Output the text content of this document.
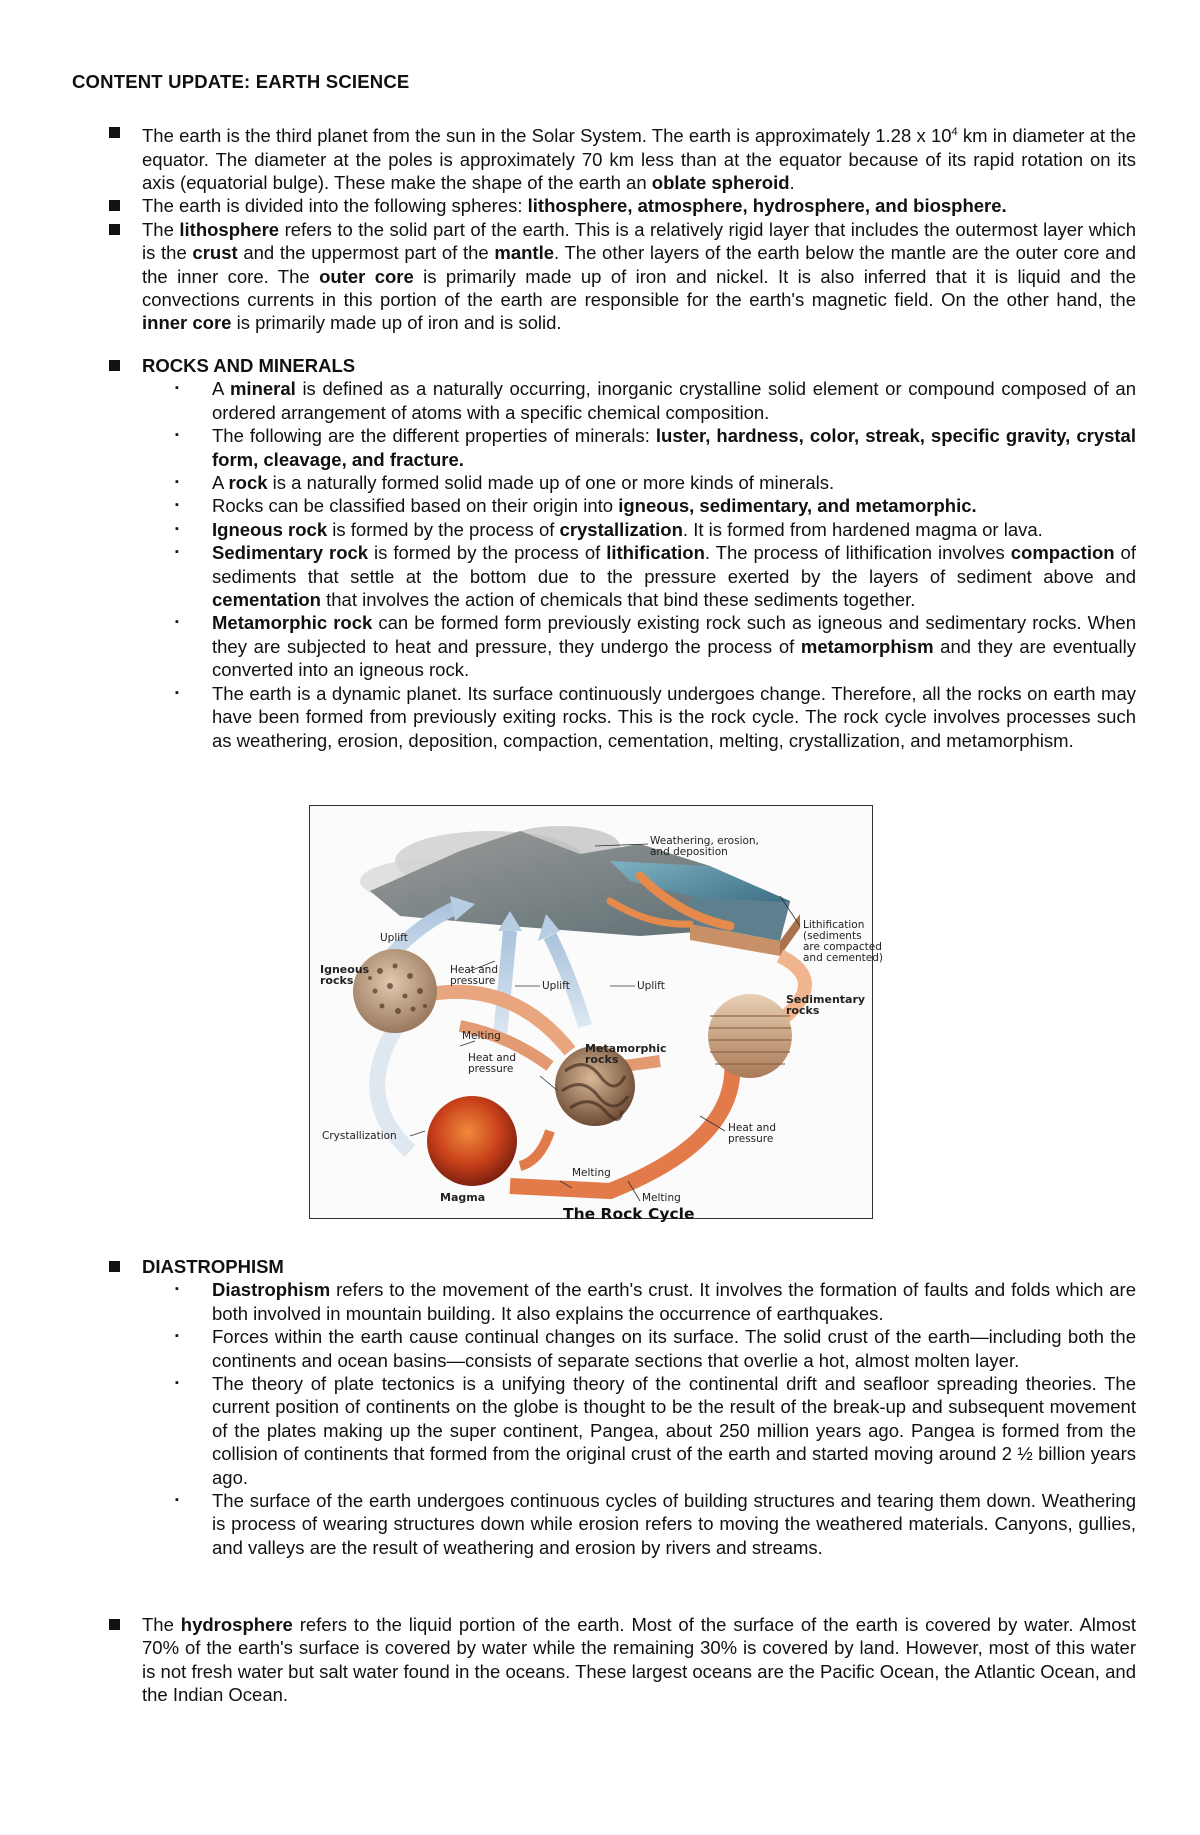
CONTENT UPDATE: EARTH SCIENCE
The earth is the third planet from the sun in the Solar System. The earth is approximately 1.28 x $10^4$ km in diameter at the equator. The diameter at the poles is approximately 70 km less than at the equator because of its rapid rotation on its axis (equatorial bulge). These make the shape of the earth an oblate spheroid.
The earth is divided into the following spheres: lithosphere, atmosphere, hydrosphere, and biosphere.
The lithosphere refers to the solid part of the earth. This is a relatively rigid layer that includes the outermost layer which is the crust and the uppermost part of the mantle. The other layers of the earth below the mantle are the outer core and the inner core. The outer core is primarily made up of iron and nickel. It is also inferred that it is liquid and the convections currents in this portion of the earth are responsible for the earth's magnetic field. On the other hand, the inner core is primarily made up of iron and is solid.
ROCKS AND MINERALS
▪ A mineral is defined as a naturally occurring, inorganic crystalline solid element or compound composed of an ordered arrangement of atoms with a specific chemical composition.
▪ The following are the different properties of minerals: luster, hardness, color, streak, specific gravity, crystal form, cleavage, and fracture.
▪ A rock is a naturally formed solid made up of one or more kinds of minerals.
▪ Rocks can be classified based on their origin into igneous, sedimentary, and metamorphic.
▪ Igneous rock is formed by the process of crystallization. It is formed from hardened magma or lava.
▪ Sedimentary rock is formed by the process of lithification. The process of lithification involves compaction of sediments that settle at the bottom due to the pressure exerted by the layers of sediment above and cementation that involves the action of chemicals that bind these sediments together.
▪ Metamorphic rock can be formed form previously existing rock such as igneous and sedimentary rocks. When they are subjected to heat and pressure, they undergo the process of metamorphism and they are eventually converted into an igneous rock.
▪ The earth is a dynamic planet. Its surface continuously undergoes change. Therefore, all the rocks on earth may have been formed from previously exiting rocks. This is the rock cycle. The rock cycle involves processes such as weathering, erosion, deposition, compaction, cementation, melting, crystallization, and metamorphism.
Weathering, erosion, and deposition
Lithification (sediments are compacted and cemented)
Sedimentary rocks
Uplift
Igneous rocks
Heat and pressure	Uplift	Uplift
Melting
Heat and pressure
Metamorphic rocks
Heat and pressure
Crystallization
Melting
Magma	Melting
The Rock Cycle
DIASTROPHISM
▪ Diastrophism refers to the movement of the earth's crust. It involves the formation of faults and folds which are both involved in mountain building. It also explains the occurrence of earthquakes.
▪ Forces within the earth cause continual changes on its surface. The solid crust of the earth—including both the continents and ocean basins—consists of separate sections that overlie a hot, almost molten layer.
▪ The theory of plate tectonics is a unifying theory of the continental drift and seafloor spreading theories. The current position of continents on the globe is thought to be the result of the break-up and subsequent movement of the plates making up the super continent, Pangea, about 250 million years ago. Pangea is formed from the collision of continents that formed from the original crust of the earth and started moving around 2 ½ billion years ago.
▪ The surface of the earth undergoes continuous cycles of building structures and tearing them down. Weathering is process of wearing structures down while erosion refers to moving the weathered materials. Canyons, gullies, and valleys are the result of weathering and erosion by rivers and streams.
The hydrosphere refers to the liquid portion of the earth. Most of the surface of the earth is covered by water. Almost 70% of the earth's surface is covered by water while the remaining 30% is covered by land. However, most of this water is not fresh water but salt water found in the oceans. These largest oceans are the Pacific Ocean, the Atlantic Ocean, and the Indian Ocean.
